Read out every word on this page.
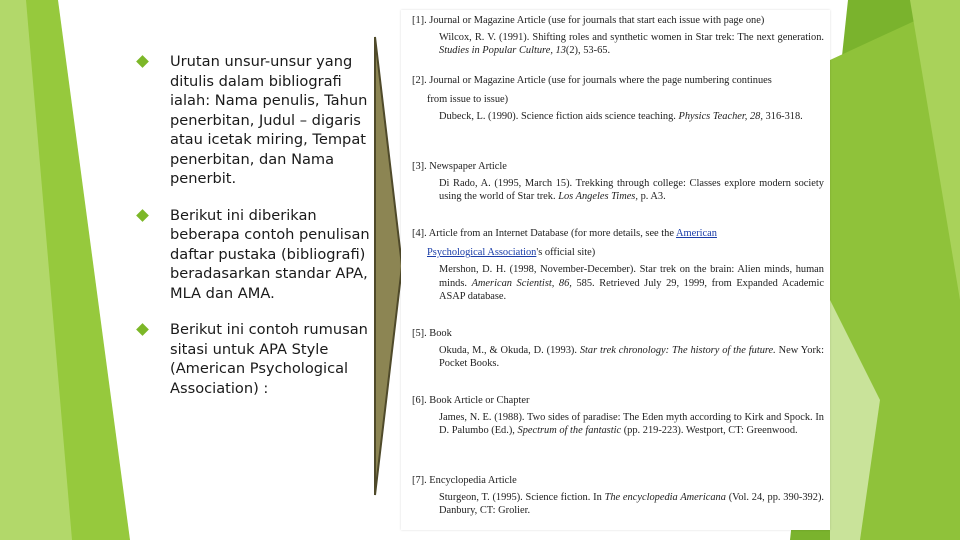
Urutan unsur-unsur yang ditulis dalam bibliografi ialah: Nama penulis, Tahun penerbitan, Judul – digaris atau icetak miring, Tempat penerbitan, dan Nama penerbit.
Berikut ini diberikan beberapa contoh penulisan daftar pustaka (bibliografi) beradasarkan standar APA, MLA dan AMA.
Berikut ini contoh rumusan sitasi untuk APA Style (American Psychological Association) :
[1]. Journal or Magazine Article (use for journals that start each issue with page one)
Wilcox, R. V. (1991). Shifting roles and synthetic women in Star trek: The next generation. Studies in Popular Culture, 13(2), 53-65.
[2]. Journal or Magazine Article (use for journals where the page numbering continues
from issue to issue)
Dubeck, L. (1990). Science fiction aids science teaching. Physics Teacher, 28, 316-318.
[3]. Newspaper Article
Di Rado, A. (1995, March 15). Trekking through college: Classes explore modern society using the world of Star trek. Los Angeles Times, p. A3.
[4]. Article from an Internet Database (for more details, see the American
Psychological Association's official site)
Mershon, D. H. (1998, November-December). Star trek on the brain: Alien minds, human minds. American Scientist, 86, 585. Retrieved July 29, 1999, from Expanded Academic ASAP database.
[5]. Book
Okuda, M., & Okuda, D. (1993). Star trek chronology: The history of the future. New York: Pocket Books.
[6]. Book Article or Chapter
James, N. E. (1988). Two sides of paradise: The Eden myth according to Kirk and Spock. In D. Palumbo (Ed.), Spectrum of the fantastic (pp. 219-223). Westport, CT: Greenwood.
[7]. Encyclopedia Article
Sturgeon, T. (1995). Science fiction. In The encyclopedia Americana (Vol. 24, pp. 390-392). Danbury, CT: Grolier.
